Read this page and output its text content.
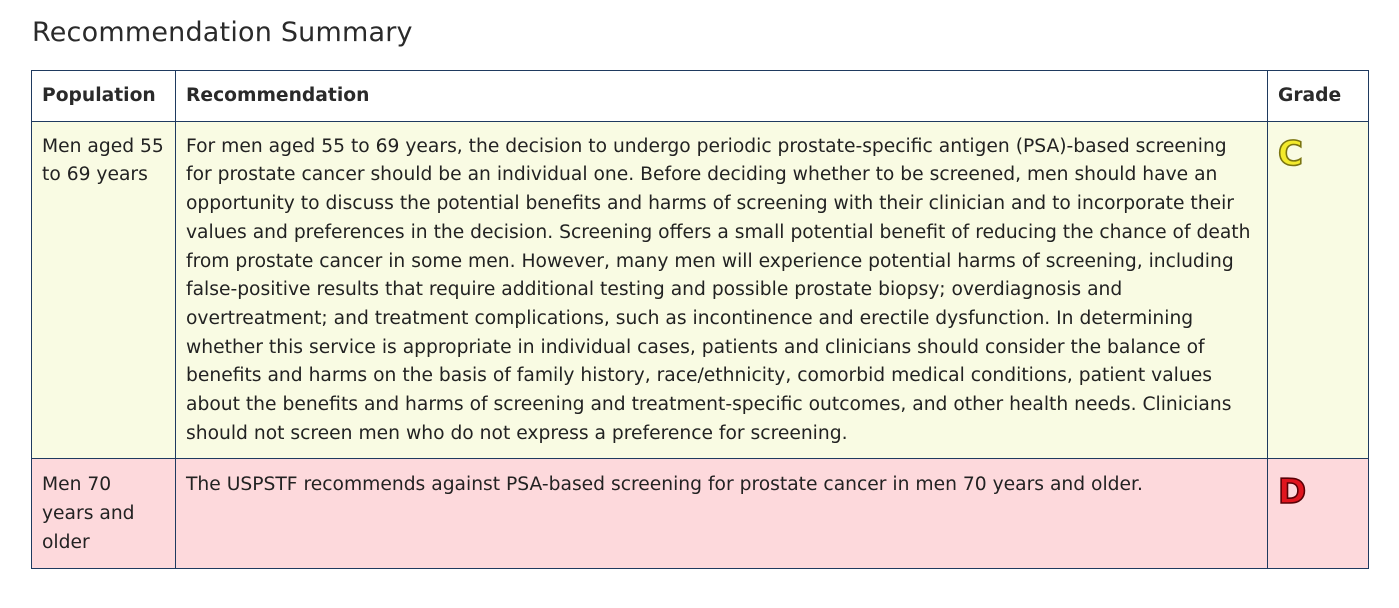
Recommendation Summary
Population	Recommendation	Grade
Men aged 55 to 69 years	For men aged 55 to 69 years, the decision to undergo periodic prostate-specific antigen (PSA)-based screening for prostate cancer should be an individual one. Before deciding whether to be screened, men should have an opportunity to discuss the potential benefits and harms of screening with their clinician and to incorporate their values and preferences in the decision. Screening offers a small potential benefit of reducing the chance of death from prostate cancer in some men. However, many men will experience potential harms of screening, including false-positive results that require additional testing and possible prostate biopsy; overdiagnosis and overtreatment; and treatment complications, such as incontinence and erectile dysfunction. In determining whether this service is appropriate in individual cases, patients and clinicians should consider the balance of benefits and harms on the basis of family history, race/ethnicity, comorbid medical conditions, patient values about the benefits and harms of screening and treatment-specific outcomes, and other health needs. Clinicians should not screen men who do not express a preference for screening.	C
Men 70 years and older	The USPSTF recommends against PSA-based screening for prostate cancer in men 70 years and older.	D
